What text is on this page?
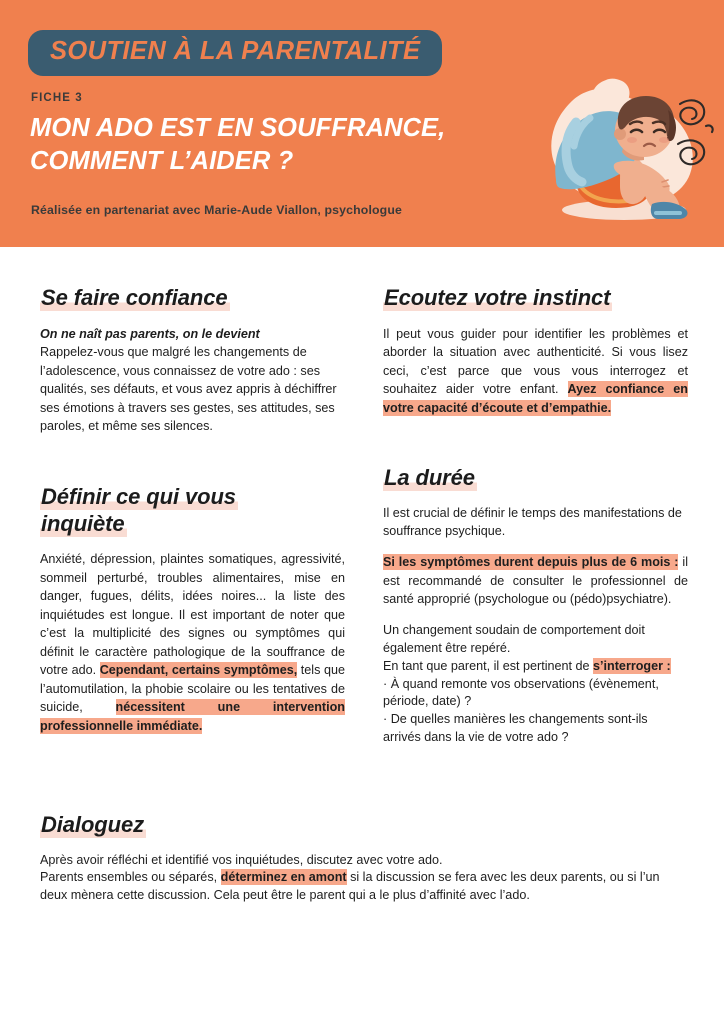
SOUTIEN À LA PARENTALITÉ
FICHE 3
MON ADO EST EN SOUFFRANCE,
COMMENT L’AIDER ?
Réalisée en partenariat avec Marie-Aude Viallon, psychologue
Se faire confiance

On ne naît pas parents, on le devient
Rappelez-vous que malgré les changements de l’adolescence, vous connaissez de votre ado : ses qualités, ses défauts, et vous avez appris à déchiffrer ses émotions à travers ses gestes, ses attitudes, ses paroles, et même ses silences.

Définir ce qui vous
inquiète

Anxiété, dépression, plaintes somatiques, agressivité, sommeil perturbé, troubles alimentaires, mise en danger, fugues, délits, idées noires... la liste des inquiétudes est longue. Il est important de noter que c’est la multiplicité des signes ou symptômes qui définit le caractère pathologique de la souffrance de votre ado. Cependant, certains symptômes, tels que l’automutilation, la phobie scolaire ou les tentatives de suicide, nécessitent une intervention professionnelle immédiate.

Ecoutez votre instinct

Il peut vous guider pour identifier les problèmes et aborder la situation avec authenticité. Si vous lisez ceci, c’est parce que vous vous interrogez et souhaitez aider votre enfant. Ayez confiance en votre capacité d’écoute et d’empathie.

La durée

Il est crucial de définir le temps des manifestations de souffrance psychique.

Si les symptômes durent depuis plus de 6 mois : il est recommandé de consulter le professionnel de santé approprié (psychologue ou (pédo)psychiatre).

Un changement soudain de comportement doit également être repéré.

En tant que parent, il est pertinent de s’interroger :

· À quand remonte vos observations (évènement, période, date) ?

· De quelles manières les changements sont-ils arrivés dans la vie de votre ado ?

Dialoguez

Après avoir réfléchi et identifié vos inquiétudes, discutez avec votre ado.

Parents ensembles ou séparés, déterminez en amont si la discussion se fera avec les deux parents, ou si l’un deux mènera cette discussion. Cela peut être le parent qui a le plus d’affinité avec l’ado.
